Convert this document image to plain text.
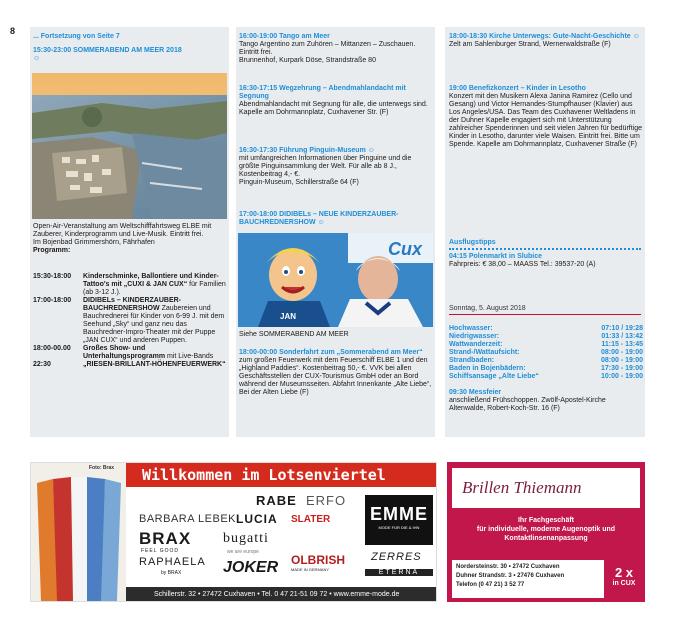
8
... Fortsetzung von Seite 7
15:30-23:00 SOMMERABEND AM MEER 2018 ☺
Open-Air-Veranstaltung am Weltschifffahrtsweg ELBE mit Zauberer, Kinderprogramm und Live-Musik. Eintritt frei.
Im Bojenbad Grimmershörn, Fährhafen
Programm:
15:30-18:00	Kinderschminke, Ballontiere und Kinder-Tattoo's mit „CUXI & JAN CUX“ für Familien (ab 3-12 J.).
17:00-18:00	DIDIBELs – KINDERZAUBER-BAUCHREDNERSHOW Zaubereien und Bauchrednerei für Kinder von 6-99 J. mit dem Seehund „Sky“ und ganz neu das Bauchredner-Impro-Theater mit der Puppe „JAN CUX“ und anderen Puppen.
18:00-00.00	Großes Show- und Unterhaltungsprogramm mit Live-Bands
22:30	„RIESEN-BRILLANT-HÖHENFEUERWERK“
16:00-19:00 Tango am Meer
Tango Argentino zum Zuhören – Mittanzen – Zuschauen. Eintritt frei.
Brunnenhof, Kurpark Döse, Strandstraße 80
16:30-17:15 Wegzehrung – Abendmahlandacht mit Segnung
Abendmahlandacht mit Segnung für alle, die unterwegs sind.
Kapelle am Dohrmannplatz, Cuxhavener Str. (F)
16:30-17:30 Führung Pinguin-Museum ☺
mit umfangreichen Informationen über Pinguine und die größte Pinguinsammlung der Welt. Für alle ab 8 J., Kostenbeitrag 4,- €.
Pinguin-Museum, Schillerstraße 64 (F)
17:00-18:00 DIDIBELs – NEUE KINDERZAUBER-BAUCHREDNERSHOW ☺
Cux
JAN
Siehe SOMMERABEND AM MEER
18:00-00:00 Sonderfahrt zum „Sommerabend am Meer“
zum großen Feuerwerk mit dem Feuerschiff ELBE 1 und den „Highland Paddies“. Kostenbeitrag 50,- €. VVK bei allen Geschäftsstellen der CUX-Tourismus GmbH oder an Bord während der Museumsseiten. Abfahrt Innenkante „Alte Liebe“, Bei der Alten Liebe (F)
18:00-18:30 Kirche Unterwegs: Gute-Nacht-Geschichte ☺
Zelt am Sahlenburger Strand, Wernerwaldstraße (F)
19:00 Benefizkonzert – Kinder in Lesotho
Konzert mit den Musikern Alexa Janina Ramirez (Cello und Gesang) und Victor Hernandes-Stumpfhauser (Klavier) aus Los Angeles/USA. Das Team des Cuxhavener Weltladens in der Duhner Kapelle engagiert sich mit Unterstützung zahlreicher Spenderinnen und seit vielen Jahren für bedürftige Kinder in Lesotho, darunter viele Waisen. Eintritt frei. Bitte um Spende. Kapelle am Dohrmannplatz, Cuxhavener Straße (F)
Ausflugstipps
04:15 Polenmarkt in Slubice
Fahrpreis: € 38,00 – MAASS Tel.: 39537-20 (A)
Sonntag, 5. August 2018
Hochwasser:	07:10 / 19:28
Niedrigwasser:	01:33 / 13:42
Wattwanderzeit:	11:15 - 13:45
Strand-/Wattaufsicht:	08:00 - 19:00
Strandbaden:	08:00 - 19:00
Baden in Bojenbädern:	17:30 - 19:00
Schiffsansage „Alte Liebe“	10:00 - 19:00
09:30 Messfeier
anschließend Frühschoppen. Zwölf-Apostel-Kirche Altenwalde, Robert-Koch-Str. 16 (F)
Foto: Brax	Willkommen im Lotsenviertel
RABE ERFO
BARBARA LEBEK LUCIA SLATER
BRAX
FEEL GOOD
bugatti
we are europe
RAPHAELA
by BRAX	JOKER OLBRISH
MADE IN GERMANY
EMME
MODE FÜR DIE & IHN
ZERRES
ETERNA
Schillerstr. 32 • 27472 Cuxhaven • Tel. 0 47 21-51 09 72 • www.emme-mode.de
Brillen Thiemann
Ihr Fachgeschäft
für individuelle, moderne Augenoptik und Kontaktlinsenanpassung
Nordersteinstr. 30 • 27472 Cuxhaven
Duhner Strandstr. 3 • 27476 Cuxhaven
Telefon (0 47 21) 3 52 77
2 x
in CUX
